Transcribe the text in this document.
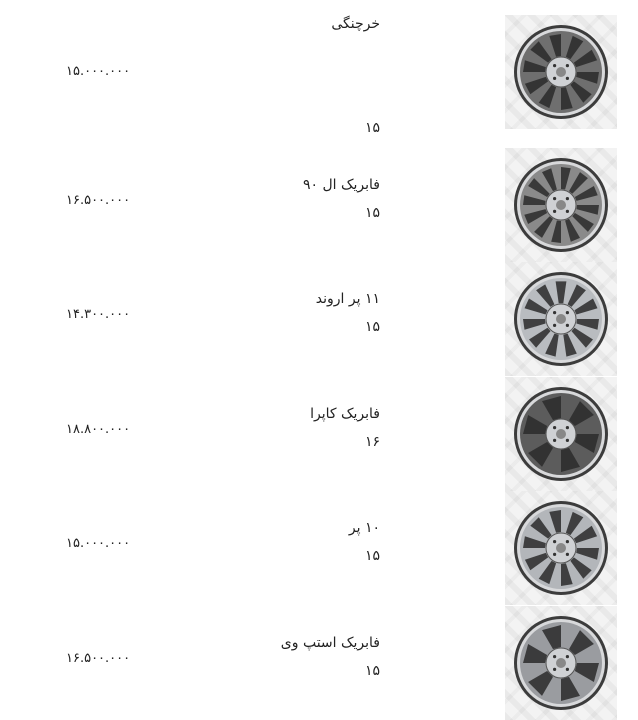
خرچنگی
۱۵
۱۵.۰۰۰.۰۰۰
فابریک ال ۹۰
۱۵
۱۶.۵۰۰.۰۰۰
۱۱ پر اروند
۱۵
۱۴.۳۰۰.۰۰۰
فابریک کاپرا
۱۶
۱۸.۸۰۰.۰۰۰
۱۰ پر
۱۵
۱۵.۰۰۰.۰۰۰
فابریک استپ وی
۱۵
۱۶.۵۰۰.۰۰۰
